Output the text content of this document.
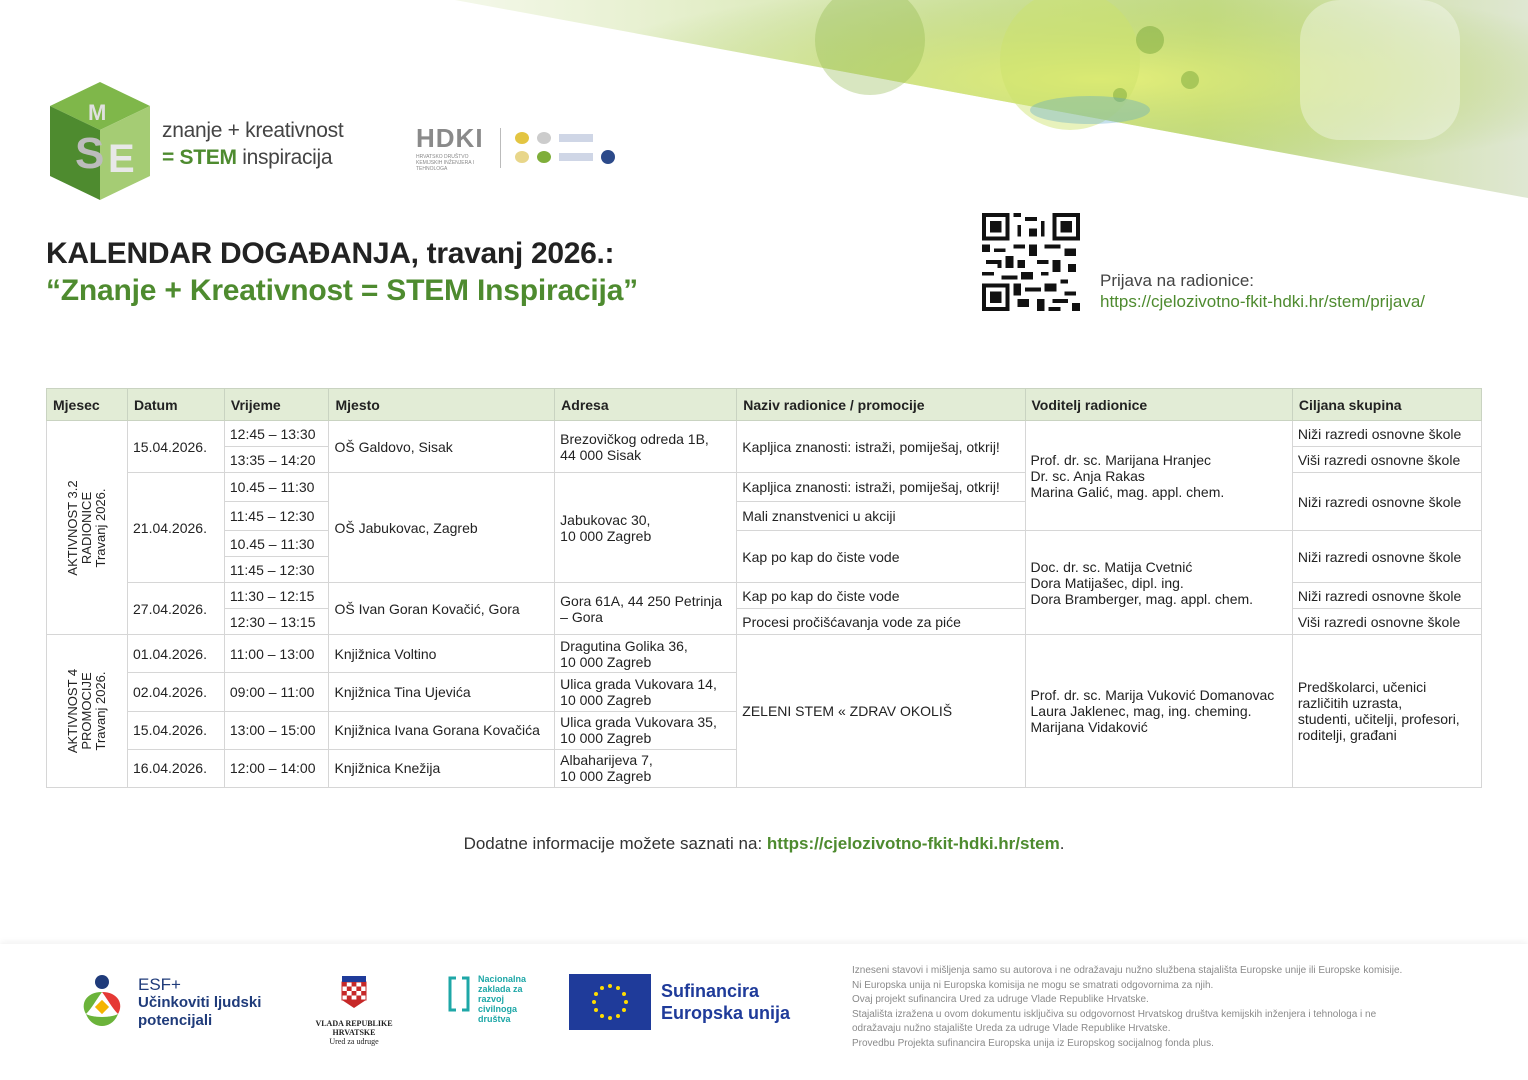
S E
M
znanje + kreativnost
= STEM inspiracija
HDKI
HRVATSKO DRUŠTVO KEMIJSKIH INŽENJERA I TEHNOLOGA
KALENDAR DOGAĐANJA, travanj 2026.:
“Znanje + Kreativnost = STEM Inspiracija”	Prijava na radionice:
https://cjelozivotno-fkit-hdki.hr/stem/prijava/
Mjesec	Datum	Vrijeme	Mjesto	Adresa	Naziv radionice / promocije	Voditelj radionice	Ciljana skupina

AKTIVNOST 3.2
RADIONICE
Travanj 2026.	15.04.2026.	12:45 – 13:30	OŠ Galdovo, Sisak	Brezovičkog odreda 1B,
44 000 Sisak	Kapljica znanosti: istraži, pomiješaj, otkrij!	Prof. dr. sc. Marijana Hranjec
Dr. sc. Anja Rakas
Marina Galić, mag. appl. chem.	Niži razredi osnovne škole
		13:35 – 14:20					Viši razredi osnovne škole
	21.04.2026.	10.45 – 11:30	OŠ Jabukovac, Zagreb	Jabukovac 30,
10 000 Zagreb	Kapljica znanosti: istraži, pomiješaj, otkrij!		Niži razredi osnovne škole
		11:45 – 12:30			Mali znanstvenici u akciji		
		10.45 – 11:30			Kap po kap do čiste vode	Doc. dr. sc. Matija Cvetnić
Dora Matijašec, dipl. ing.
Dora Bramberger, mag. appl. chem.	Niži razredi osnovne škole
		11:45 – 12:30					
	27.04.2026.	11:30 – 12:15	OŠ Ivan Goran Kovačić, Gora	Gora 61A, 44 250 Petrinja
– Gora	Kap po kap do čiste vode		Niži razredi osnovne škole
		12:30 – 13:15			Procesi pročišćavanja vode za piće		Viši razredi osnovne škole

AKTIVNOST 4
PROMOCIJE
Travanj 2026.	01.04.2026.	11:00 – 13:00	Knjižnica Voltino	Dragutina Golika 36,
10 000 Zagreb	ZELENI STEM « ZDRAV OKOLIŠ	Prof. dr. sc. Marija Vuković Domanovac
Laura Jaklenec, mag, ing. cheming.
Marijana Vidaković	Predškolarci, učenici
različitih uzrasta,
studenti, učitelji, profesori,
roditelji, građani
	02.04.2026.	09:00 – 11:00	Knjižnica Tina Ujevića	Ulica grada Vukovara 14,
10 000 Zagreb			
	15.04.2026.	13:00 – 15:00	Knjižnica Ivana Gorana Kovačića	Ulica grada Vukovara 35,
10 000 Zagreb			
	16.04.2026.	12:00 – 14:00	Knjižnica Knežija	Albaharijeva 7,
10 000 Zagreb			
Dodatne informacije možete saznati na: https://cjelozivotno-fkit-hdki.hr/stem.
ESF+
Učinkoviti ljudski
potencijali	VLADA REPUBLIKE HRVATSKE
Ured za udruge
Nacionalna
zaklada za
razvoj
civilnoga
društva
Sufinancira
Europska unija
Izneseni stavovi i mišljenja samo su autorova i ne odražavaju nužno službena stajališta Europske unije ili Europske komisije.
Ni Europska unija ni Europska komisija ne mogu se smatrati odgovornima za njih.
Ovaj projekt sufinancira Ured za udruge Vlade Republike Hrvatske.
Stajališta izražena u ovom dokumentu isključiva su odgovornost Hrvatskog društva kemijskih inženjera i tehnologa i ne
odražavaju nužno stajalište Ureda za udruge Vlade Republike Hrvatske.
Provedbu Projekta sufinancira Europska unija iz Europskog socijalnog fonda plus.
